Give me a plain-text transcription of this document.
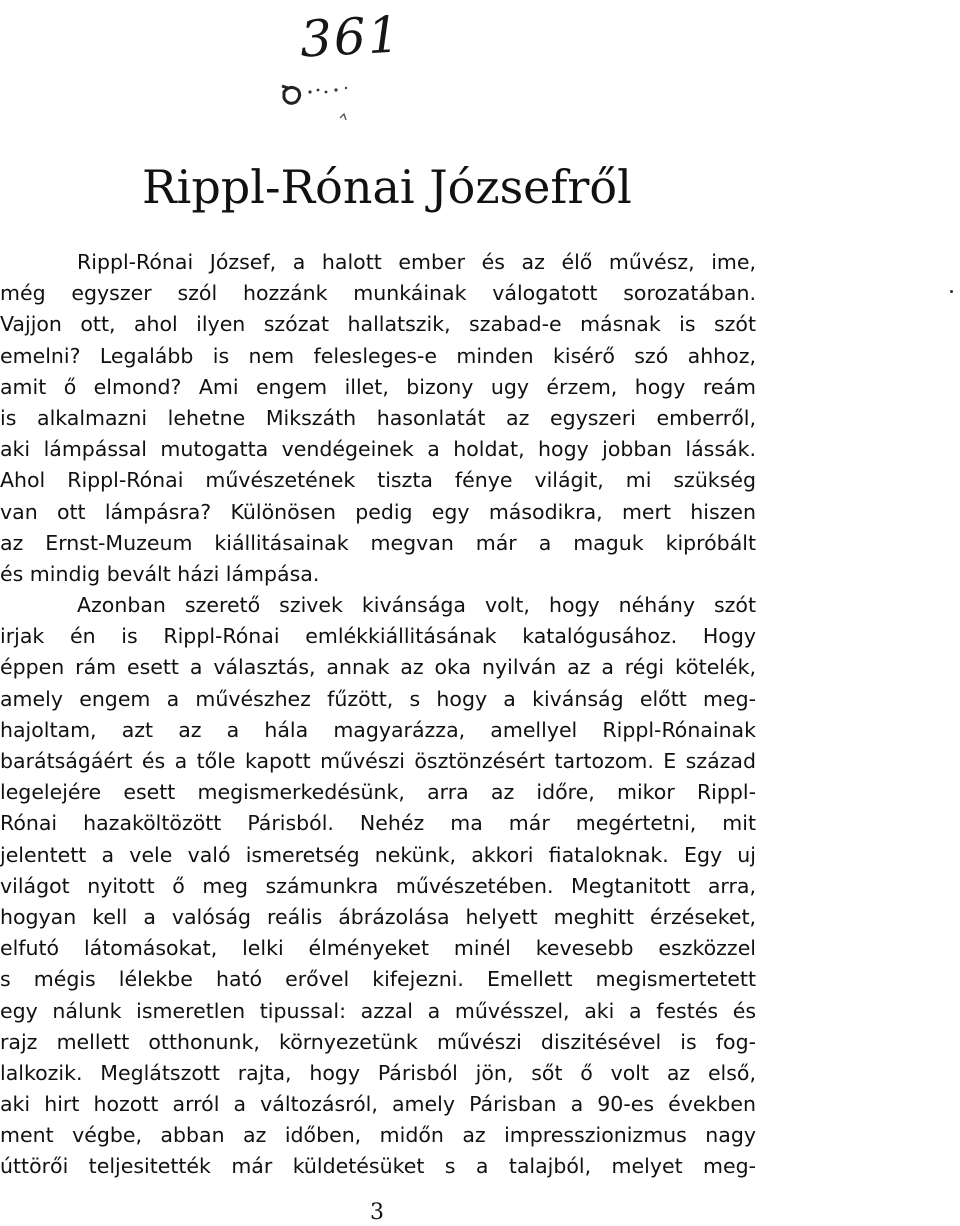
361
Rippl-Rónai Józsefről
Rippl-Rónai József, a halott ember és az élő művész, ime,
még egyszer szól hozzánk munkáinak válogatott sorozatában.
Vajjon ott, ahol ilyen szózat hallatszik, szabad-e másnak is szót
emelni? Legalább is nem felesleges-e minden kisérő szó ahhoz,
amit ő elmond? Ami engem illet, bizony ugy érzem, hogy reám
is alkalmazni lehetne Mikszáth hasonlatát az egyszeri emberről,
aki lámpással mutogatta vendégeinek a holdat, hogy jobban lássák.
Ahol Rippl-Rónai művészetének tiszta fénye világit, mi szükség
van ott lámpásra? Különösen pedig egy másodikra, mert hiszen
az Ernst-Muzeum kiállitásainak megvan már a maguk kipróbált
és mindig bevált házi lámpása.
Azonban szerető szivek kivánsága volt, hogy néhány szót
irjak én is Rippl-Rónai emlékkiállitásának katalógusához. Hogy
éppen rám esett a választás, annak az oka nyilván az a régi kötelék,
amely engem a művészhez fűzött, s hogy a kivánság előtt meg-
hajoltam, azt az a hála magyarázza, amellyel Rippl-Rónainak
barátságáért és a tőle kapott művészi ösztönzésért tartozom. E század
legelejére esett megismerkedésünk, arra az időre, mikor Rippl-
Rónai hazaköltözött Párisból. Nehéz ma már megértetni, mit
jelentett a vele való ismeretség nekünk, akkori fiataloknak. Egy uj
világot nyitott ő meg számunkra művészetében. Megtanitott arra,
hogyan kell a valóság reális ábrázolása helyett meghitt érzéseket,
elfutó látomásokat, lelki élményeket minél kevesebb eszközzel
s mégis lélekbe ható erővel kifejezni. Emellett megismertetett
egy nálunk ismeretlen tipussal: azzal a művésszel, aki a festés és
rajz mellett otthonunk, környezetünk művészi diszitésével is fog-
lalkozik. Meglátszott rajta, hogy Párisból jön, sőt ő volt az első,
aki hirt hozott arról a változásról, amely Párisban a 90-es években
ment végbe, abban az időben, midőn az impresszionizmus nagy
úttörői teljesitették már küldetésüket s a talajból, melyet meg-
3
